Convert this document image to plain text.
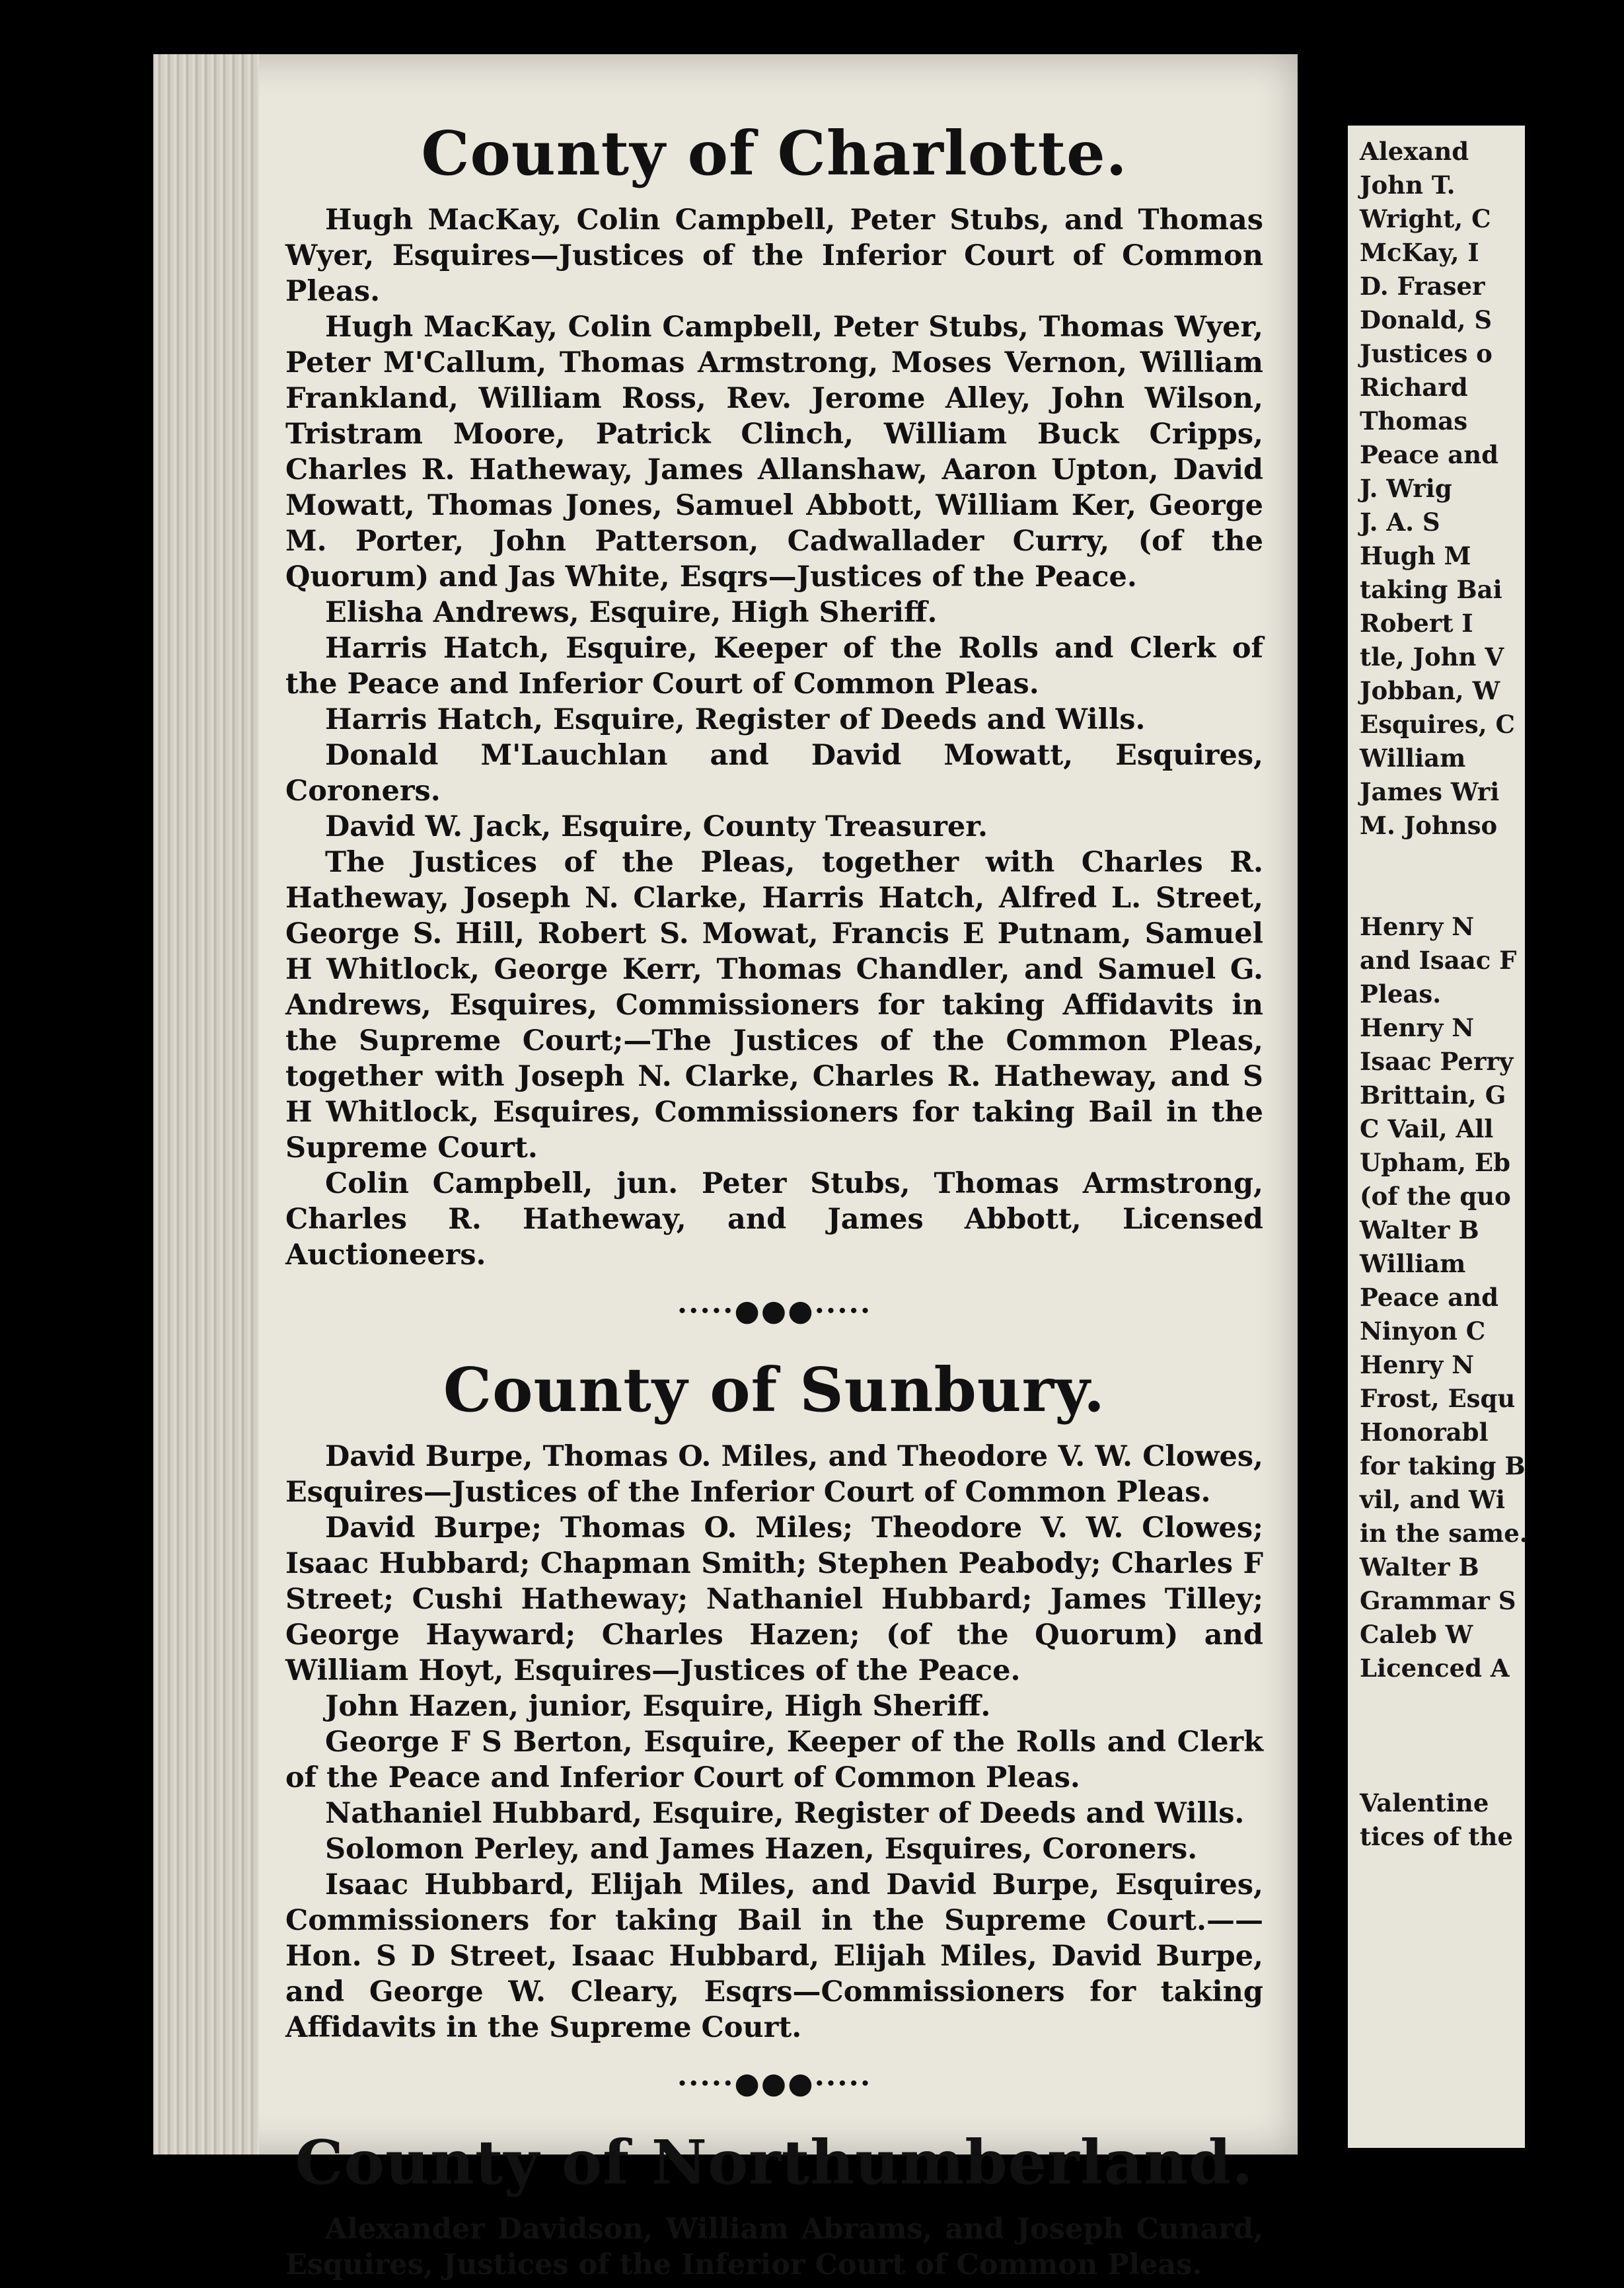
County of Charlotte.

Hugh MacKay, Colin Campbell, Peter Stubs, and Thomas Wyer, Esquires—Justices of the Inferior Court of Common Pleas.

Hugh MacKay, Colin Campbell, Peter Stubs, Thomas Wyer, Peter M'Callum, Thomas Armstrong, Moses Vernon, William Frankland, William Ross, Rev. Jerome Alley, John Wilson, Tristram Moore, Patrick Clinch, William Buck Cripps, Charles R. Hatheway, James Allanshaw, Aaron Upton, David Mowatt, Thomas Jones, Samuel Abbott, William Ker, George M. Porter, John Patterson, Cadwallader Curry, (of the Quorum) and Jas White, Esqrs—Justices of the Peace.

Elisha Andrews, Esquire, High Sheriff.

Harris Hatch, Esquire, Keeper of the Rolls and Clerk of the Peace and Inferior Court of Common Pleas.

Harris Hatch, Esquire, Register of Deeds and Wills.

Donald M'Lauchlan and David Mowatt, Esquires, Coroners.

David W. Jack, Esquire, County Treasurer.

The Justices of the Pleas, together with Charles R. Hatheway, Joseph N. Clarke, Harris Hatch, Alfred L. Street, George S. Hill, Robert S. Mowat, Francis E Putnam, Samuel H Whitlock, George Kerr, Thomas Chandler, and Samuel G. Andrews, Esquires, Commissioners for taking Affidavits in the Supreme Court;—The Justices of the Common Pleas, together with Joseph N. Clarke, Charles R. Hatheway, and S H Whitlock, Esquires, Commissioners for taking Bail in the Supreme Court.

Colin Campbell, jun. Peter Stubs, Thomas Armstrong, Charles R. Hatheway, and James Abbott, Licensed Auctioneers.

·····●●●·····
County of Sunbury.

David Burpe, Thomas O. Miles, and Theodore V. W. Clowes, Esquires—Justices of the Inferior Court of Common Pleas.

David Burpe; Thomas O. Miles; Theodore V. W. Clowes; Isaac Hubbard; Chapman Smith; Stephen Peabody; Charles F Street; Cushi Hatheway; Nathaniel Hubbard; James Tilley; George Hayward; Charles Hazen; (of the Quorum) and William Hoyt, Esquires—Justices of the Peace.

John Hazen, junior, Esquire, High Sheriff.

George F S Berton, Esquire, Keeper of the Rolls and Clerk of the Peace and Inferior Court of Common Pleas.

Nathaniel Hubbard, Esquire, Register of Deeds and Wills.

Solomon Perley, and James Hazen, Esquires, Coroners.

Isaac Hubbard, Elijah Miles, and David Burpe, Esquires, Commissioners for taking Bail in the Supreme Court.——Hon. S D Street, Isaac Hubbard, Elijah Miles, David Burpe, and George W. Cleary, Esqrs—Commissioners for taking Affidavits in the Supreme Court.

·····●●●·····
County of Northumberland.

Alexander Davidson, William Abrams, and Joseph Cunard, Esquires, Justices of the Inferior Court of Common Pleas.

Alexand
John T.
Wright, C
McKay, I
D. Fraser
Donald, S
Justices o
Richard
Thomas
Peace and
J. Wrig
J. A. S
Hugh M
taking Bai
Robert I
tle, John V
Jobban, W
Esquires, C
William
James Wri
M. Johnso
Henry N
and Isaac F
Pleas.
Henry N
Isaac Perry
Brittain, G
C Vail, All
Upham, Eb
(of the quo
Walter B
William
Peace and
Ninyon C
Henry N
Frost, Esqu
Honorabl
for taking B
vil, and Wi
in the same.
Walter B
Grammar S
Caleb W
Licenced A
Valentine
tices of the
